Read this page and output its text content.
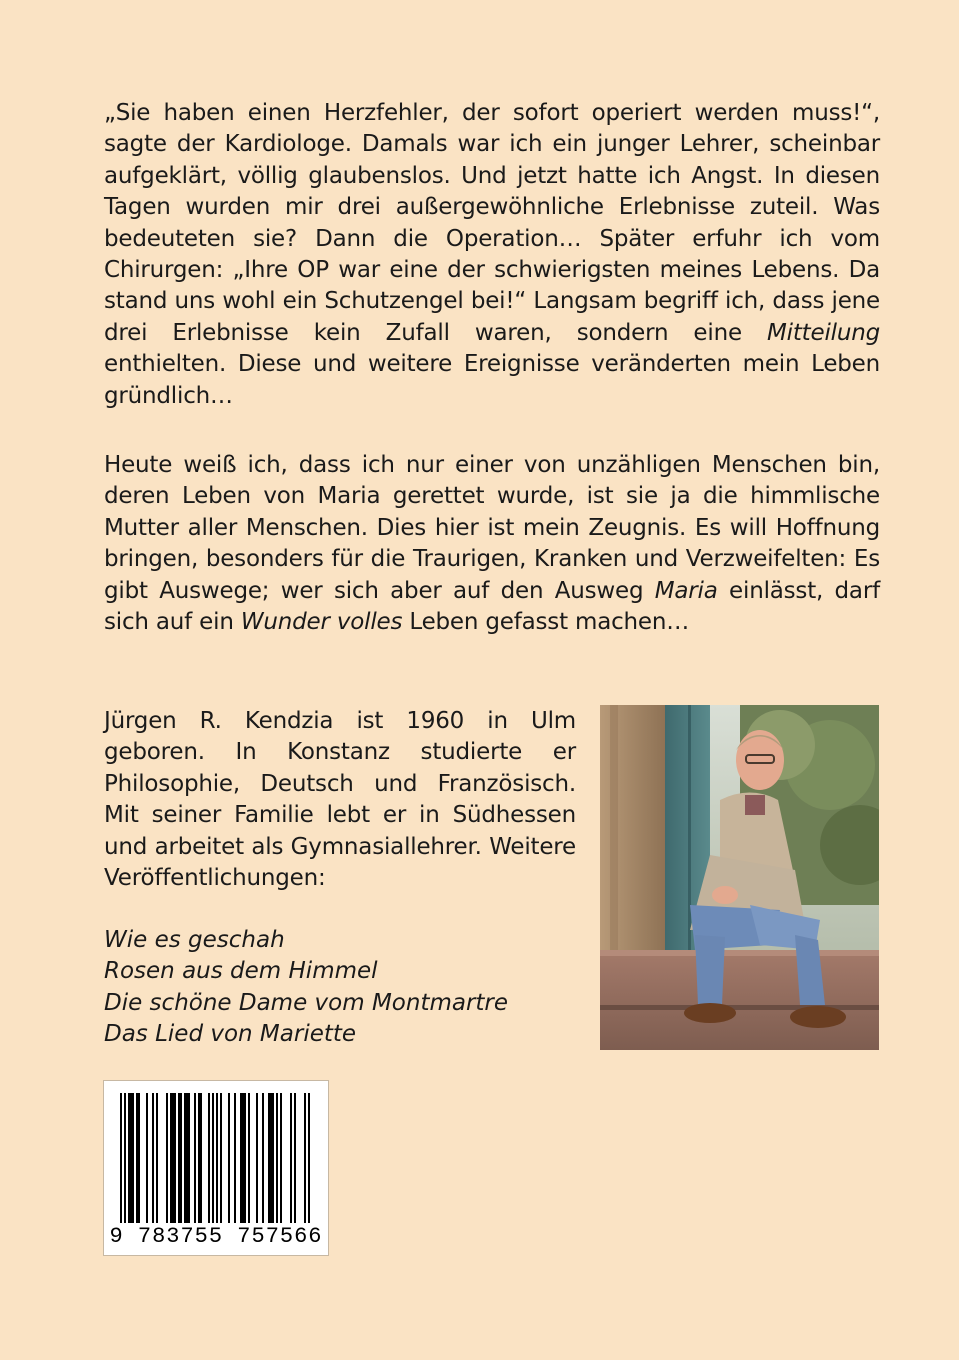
„Sie haben einen Herzfehler, der sofort operiert werden muss!“, sagte der Kardiologe. Damals war ich ein junger Lehrer, scheinbar aufgeklärt, völlig glaubenslos. Und jetzt hatte ich Angst. In diesen Tagen wurden mir drei außergewöhnliche Erlebnisse zuteil. Was bedeuteten sie? Dann die Operation… Später erfuhr ich vom Chirurgen: „Ihre OP war eine der schwierigsten meines Lebens. Da stand uns wohl ein Schutzengel bei!“ Langsam begriff ich, dass jene drei Erlebnisse kein Zufall waren, sondern eine Mitteilung enthielten. Diese und weitere Ereignisse veränderten mein Leben gründlich…

Heute weiß ich, dass ich nur einer von unzähligen Menschen bin, deren Leben von Maria gerettet wurde, ist sie ja die himmlische Mutter aller Menschen. Dies hier ist mein Zeugnis. Es will Hoffnung bringen, besonders für die Traurigen, Kranken und Verzweifelten: Es gibt Auswege; wer sich aber auf den Ausweg Maria einlässt, darf sich auf ein Wunder volles Leben gefasst machen…

Jürgen R. Kendzia ist 1960 in Ulm geboren. In Konstanz studierte er Philosophie, Deutsch und Französisch. Mit seiner Familie lebt er in Südhessen und arbeitet als Gymnasiallehrer. Weitere Veröffentlichungen:

Wie es geschah
Rosen aus dem Himmel
Die schöne Dame vom Montmartre
Das Lied von Mariette
9 783755 757566
